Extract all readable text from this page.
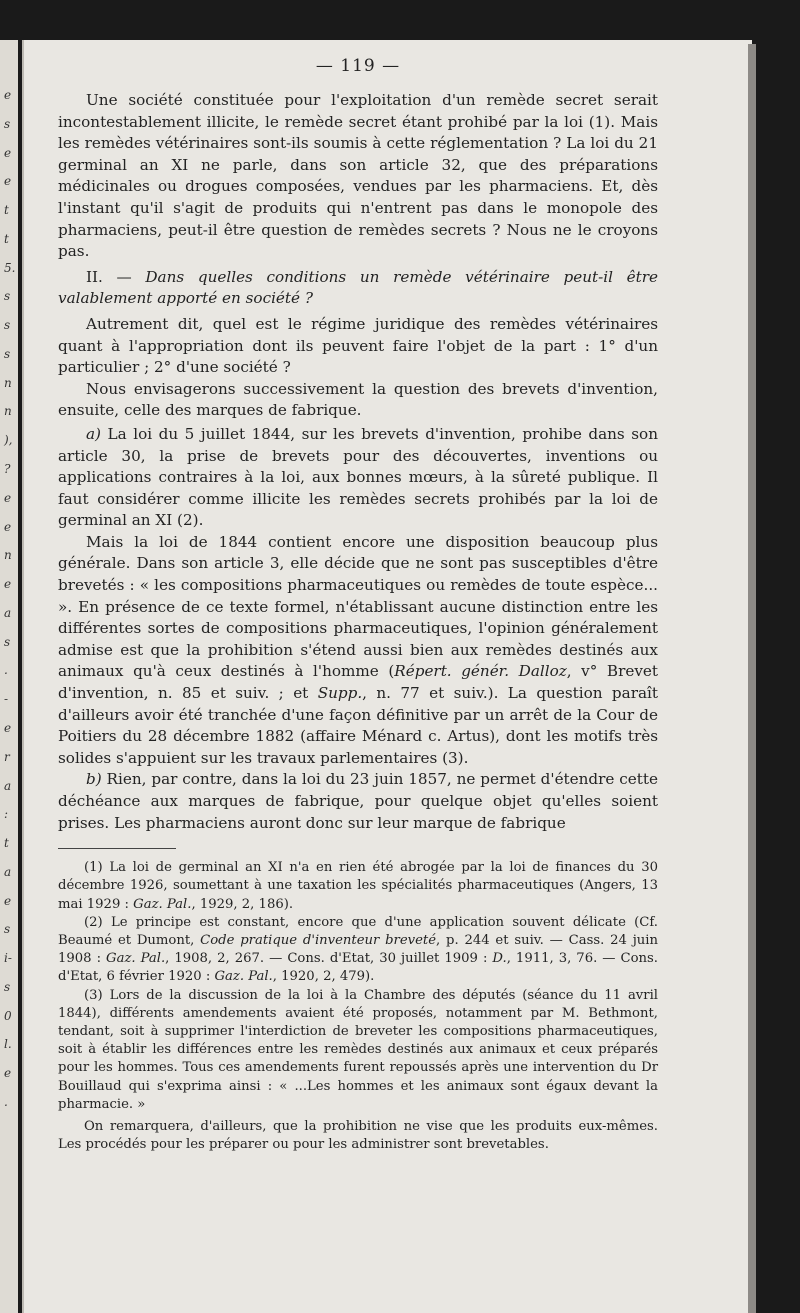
e
s
e
e
t
t
5.
s
s
s
n
n
),
?
e
e
n
e
a
s
.
-
e
r
a
:
t
a
e
s
i-
s
0
l.
e
.
— 119 —

Une société constituée pour l'exploitation d'un remède secret serait incontestablement illicite, le remède secret étant prohibé par la loi (1). Mais les remèdes vétérinaires sont-ils soumis à cette réglementation ? La loi du 21 germinal an XI ne parle, dans son article 32, que des préparations médicinales ou drogues composées, vendues par les pharmaciens. Et, dès l'instant qu'il s'agit de produits qui n'entrent pas dans le monopole des pharmaciens, peut-il être question de remèdes secrets ? Nous ne le croyons pas.

II. — Dans quelles conditions un remède vétérinaire peut-il être valablement apporté en société ?

Autrement dit, quel est le régime juridique des remèdes vétérinaires quant à l'appropriation dont ils peuvent faire l'objet de la part : 1° d'un particulier ; 2° d'une société ?

Nous envisagerons successivement la question des brevets d'invention, ensuite, celle des marques de fabrique.

a) La loi du 5 juillet 1844, sur les brevets d'invention, prohibe dans son article 30, la prise de brevets pour des découvertes, inventions ou applications contraires à la loi, aux bonnes mœurs, à la sûreté publique. Il faut considérer comme illicite les remèdes secrets prohibés par la loi de germinal an XI (2).

Mais la loi de 1844 contient encore une disposition beaucoup plus générale. Dans son article 3, elle décide que ne sont pas susceptibles d'être brevetés : « les compositions pharmaceutiques ou remèdes de toute espèce... ». En présence de ce texte formel, n'établissant aucune distinction entre les différentes sortes de compositions pharmaceutiques, l'opinion généralement admise est que la prohibition s'étend aussi bien aux remèdes destinés aux animaux qu'à ceux destinés à l'homme (Répert. génér. Dalloz, v° Brevet d'invention, n. 85 et suiv. ; et Supp., n. 77 et suiv.). La question paraît d'ailleurs avoir été tranchée d'une façon définitive par un arrêt de la Cour de Poitiers du 28 décembre 1882 (affaire Ménard c. Artus), dont les motifs très solides s'appuient sur les travaux parlementaires (3).

b) Rien, par contre, dans la loi du 23 juin 1857, ne permet d'étendre cette déchéance aux marques de fabrique, pour quelque objet qu'elles soient prises. Les pharmaciens auront donc sur leur marque de fabrique

(1) La loi de germinal an XI n'a en rien été abrogée par la loi de finances du 30 décembre 1926, soumettant à une taxation les spécialités pharmaceutiques (Angers, 13 mai 1929 : Gaz. Pal., 1929, 2, 186).

(2) Le principe est constant, encore que d'une application souvent délicate (Cf. Beaumé et Dumont, Code pratique d'inventeur breveté, p. 244 et suiv. — Cass. 24 juin 1908 : Gaz. Pal., 1908, 2, 267. — Cons. d'Etat, 30 juillet 1909 : D., 1911, 3, 76. — Cons. d'Etat, 6 février 1920 : Gaz. Pal., 1920, 2, 479).

(3) Lors de la discussion de la loi à la Chambre des députés (séance du 11 avril 1844), différents amendements avaient été proposés, notamment par M. Bethmont, tendant, soit à supprimer l'interdiction de breveter les compositions pharmaceutiques, soit à établir les différences entre les remèdes destinés aux animaux et ceux préparés pour les hommes. Tous ces amendements furent repoussés après une intervention du Dr Bouillaud qui s'exprima ainsi : « ...Les hommes et les animaux sont égaux devant la pharmacie. »

On remarquera, d'ailleurs, que la prohibition ne vise que les produits eux-mêmes. Les procédés pour les préparer ou pour les administrer sont brevetables.
